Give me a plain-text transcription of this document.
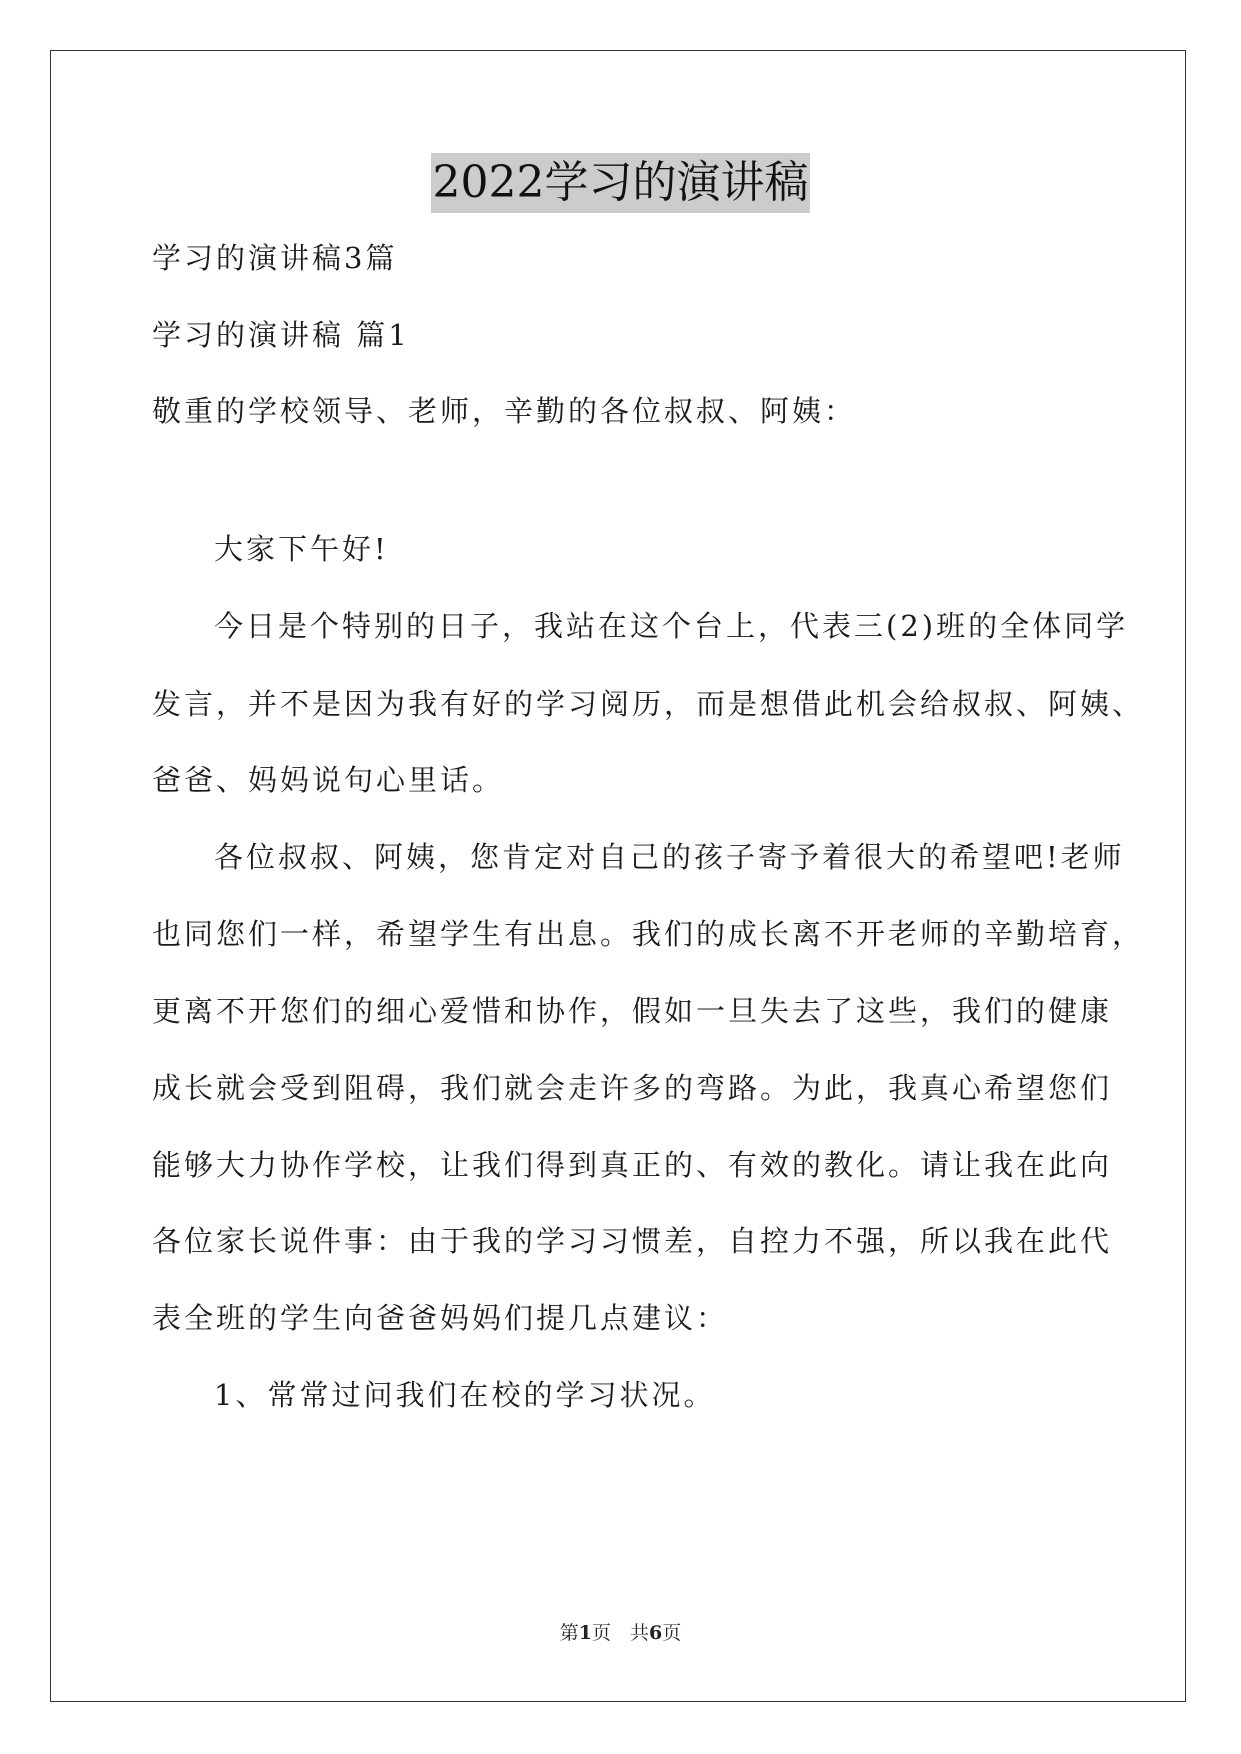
2022学习的演讲稿
学习的演讲稿3篇
学习的演讲稿 篇1
敬重的学校领导、老师，辛勤的各位叔叔、阿姨：
大家下午好!
今日是个特别的日子，我站在这个台上，代表三(2)班的全体同学
发言，并不是因为我有好的学习阅历，而是想借此机会给叔叔、阿姨、
爸爸、妈妈说句心里话。
各位叔叔、阿姨，您肯定对自己的孩子寄予着很大的希望吧!老师
也同您们一样，希望学生有出息。我们的成长离不开老师的辛勤培育，
更离不开您们的细心爱惜和协作，假如一旦失去了这些，我们的健康
成长就会受到阻碍，我们就会走许多的弯路。为此，我真心希望您们
能够大力协作学校，让我们得到真正的、有效的教化。请让我在此向
各位家长说件事：由于我的学习习惯差，自控力不强，所以我在此代
表全班的学生向爸爸妈妈们提几点建议：
1、常常过问我们在校的学习状况。
第1页　共6页
